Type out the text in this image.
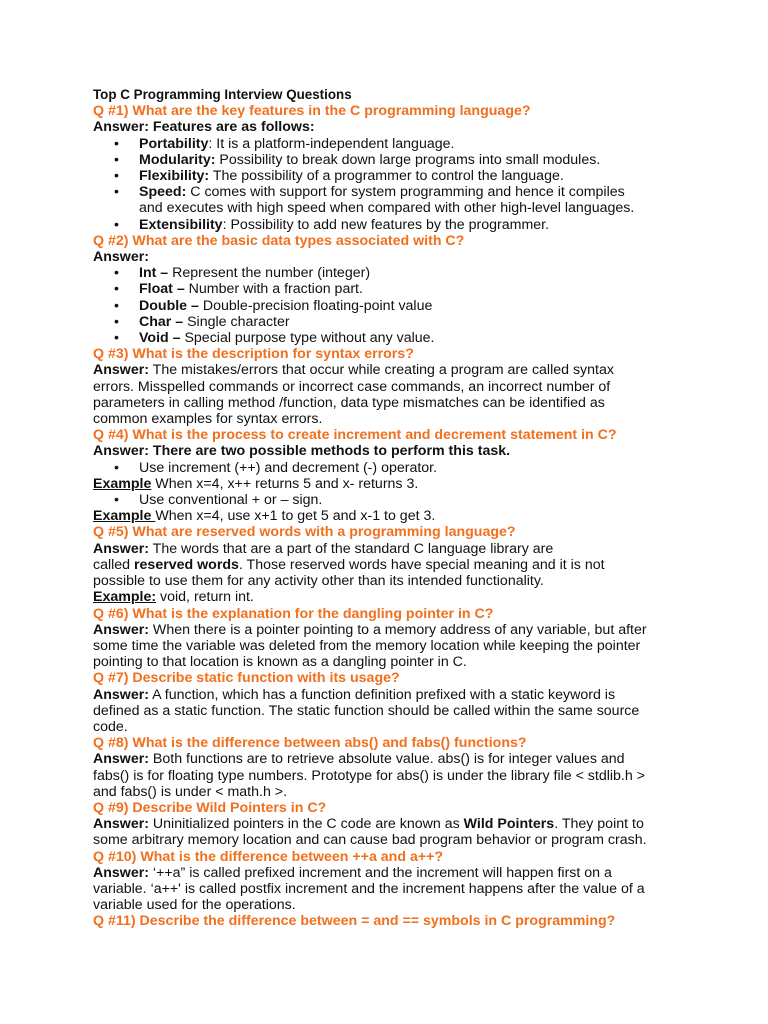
Top C Programming Interview Questions
Q #1) What are the key features in the C programming language?
Answer: Features are as follows:
• Portability: It is a platform-independent language.
• Modularity: Possibility to break down large programs into small modules.
• Flexibility: The possibility of a programmer to control the language.
• Speed: C comes with support for system programming and hence it compiles
and executes with high speed when compared with other high-level languages.
• Extensibility: Possibility to add new features by the programmer.
Q #2) What are the basic data types associated with C?
Answer:
• Int – Represent the number (integer)
• Float – Number with a fraction part.
• Double – Double-precision floating-point value
• Char – Single character
• Void – Special purpose type without any value.
Q #3) What is the description for syntax errors?
Answer: The mistakes/errors that occur while creating a program are called syntax
errors. Misspelled commands or incorrect case commands, an incorrect number of
parameters in calling method /function, data type mismatches can be identified as
common examples for syntax errors.
Q #4) What is the process to create increment and decrement statement in C?
Answer: There are two possible methods to perform this task.
• Use increment (++) and decrement (-) operator.
Example When x=4, x++ returns 5 and x- returns 3.
• Use conventional + or – sign.
Example When x=4, use x+1 to get 5 and x-1 to get 3.
Q #5) What are reserved words with a programming language?
Answer: The words that are a part of the standard C language library are
called reserved words. Those reserved words have special meaning and it is not
possible to use them for any activity other than its intended functionality.
Example: void, return int.
Q #6) What is the explanation for the dangling pointer in C?
Answer: When there is a pointer pointing to a memory address of any variable, but after
some time the variable was deleted from the memory location while keeping the pointer
pointing to that location is known as a dangling pointer in C.
Q #7) Describe static function with its usage?
Answer: A function, which has a function definition prefixed with a static keyword is
defined as a static function. The static function should be called within the same source
code.
Q #8) What is the difference between abs() and fabs() functions?
Answer: Both functions are to retrieve absolute value. abs() is for integer values and
fabs() is for floating type numbers. Prototype for abs() is under the library file < stdlib.h >
and fabs() is under < math.h >.
Q #9) Describe Wild Pointers in C?
Answer: Uninitialized pointers in the C code are known as Wild Pointers. They point to
some arbitrary memory location and can cause bad program behavior or program crash.
Q #10) What is the difference between ++a and a++?
Answer: ‘++a” is called prefixed increment and the increment will happen first on a
variable. ‘a++' is called postfix increment and the increment happens after the value of a
variable used for the operations.
Q #11) Describe the difference between = and == symbols in C programming?
